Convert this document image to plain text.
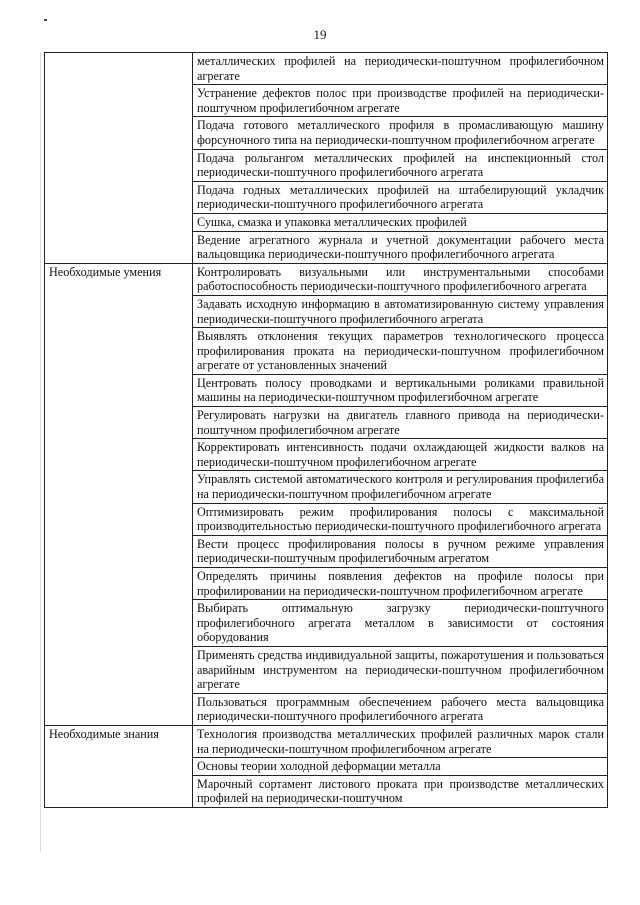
19
	металлических профилей на периодически-поштучном профилегибочном агрегате
	Устранение дефектов полос при производстве профилей на периодически-поштучном профилегибочном агрегате
	Подача готового металлического профиля в промасливающую машину форсуночного типа на периодически-поштучном профилегибочном агрегате
	Подача рольгангом металлических профилей на инспекционный стол периодически-поштучного профилегибочного агрегата
	Подача годных металлических профилей на штабелирующий укладчик периодически-поштучного профилегибочного агрегата
	Сушка, смазка и упаковка металлических профилей
	Ведение агрегатного журнала и учетной документации рабочего места вальцовщика периодически-поштучного профилегибочного агрегата

Необходимые умения	Контролировать визуальными или инструментальными способами работоспособность периодически-поштучного профилегибочного агрегата
	Задавать исходную информацию в автоматизированную систему управления периодически-поштучного профилегибочного агрегата
	Выявлять отклонения текущих параметров технологического процесса профилирования проката на периодически-поштучном профилегибочном агрегате от установленных значений
	Центровать полосу проводками и вертикальными роликами правильной машины на периодически-поштучном профилегибочном агрегате
	Регулировать нагрузки на двигатель главного привода на периодически-поштучном профилегибочном агрегате
	Корректировать интенсивность подачи охлаждающей жидкости валков на периодически-поштучном профилегибочном агрегате
	Управлять системой автоматического контроля и регулирования профилегиба на периодически-поштучном профилегибочном агрегате
	Оптимизировать режим профилирования полосы с максимальной производительностью периодически-поштучного профилегибочного агрегата
	Вести процесс профилирования полосы в ручном режиме управления периодически-поштучным профилегибочным агрегатом
	Определять причины появления дефектов на профиле полосы при профилировании на периодически-поштучном профилегибочном агрегате
	Выбирать оптимальную загрузку периодически-поштучного профилегибочного агрегата металлом в зависимости от состояния оборудования
	Применять средства индивидуальной защиты, пожаротушения и пользоваться аварийным инструментом на периодически-поштучном профилегибочном агрегате
	Пользоваться программным обеспечением рабочего места вальцовщика периодически-поштучного профилегибочного агрегата

Необходимые знания	Технология производства металлических профилей различных марок стали на периодически-поштучном профилегибочном агрегате
	Основы теории холодной деформации металла
	Марочный сортамент листового проката при производстве металлических профилей на периодически-поштучном
